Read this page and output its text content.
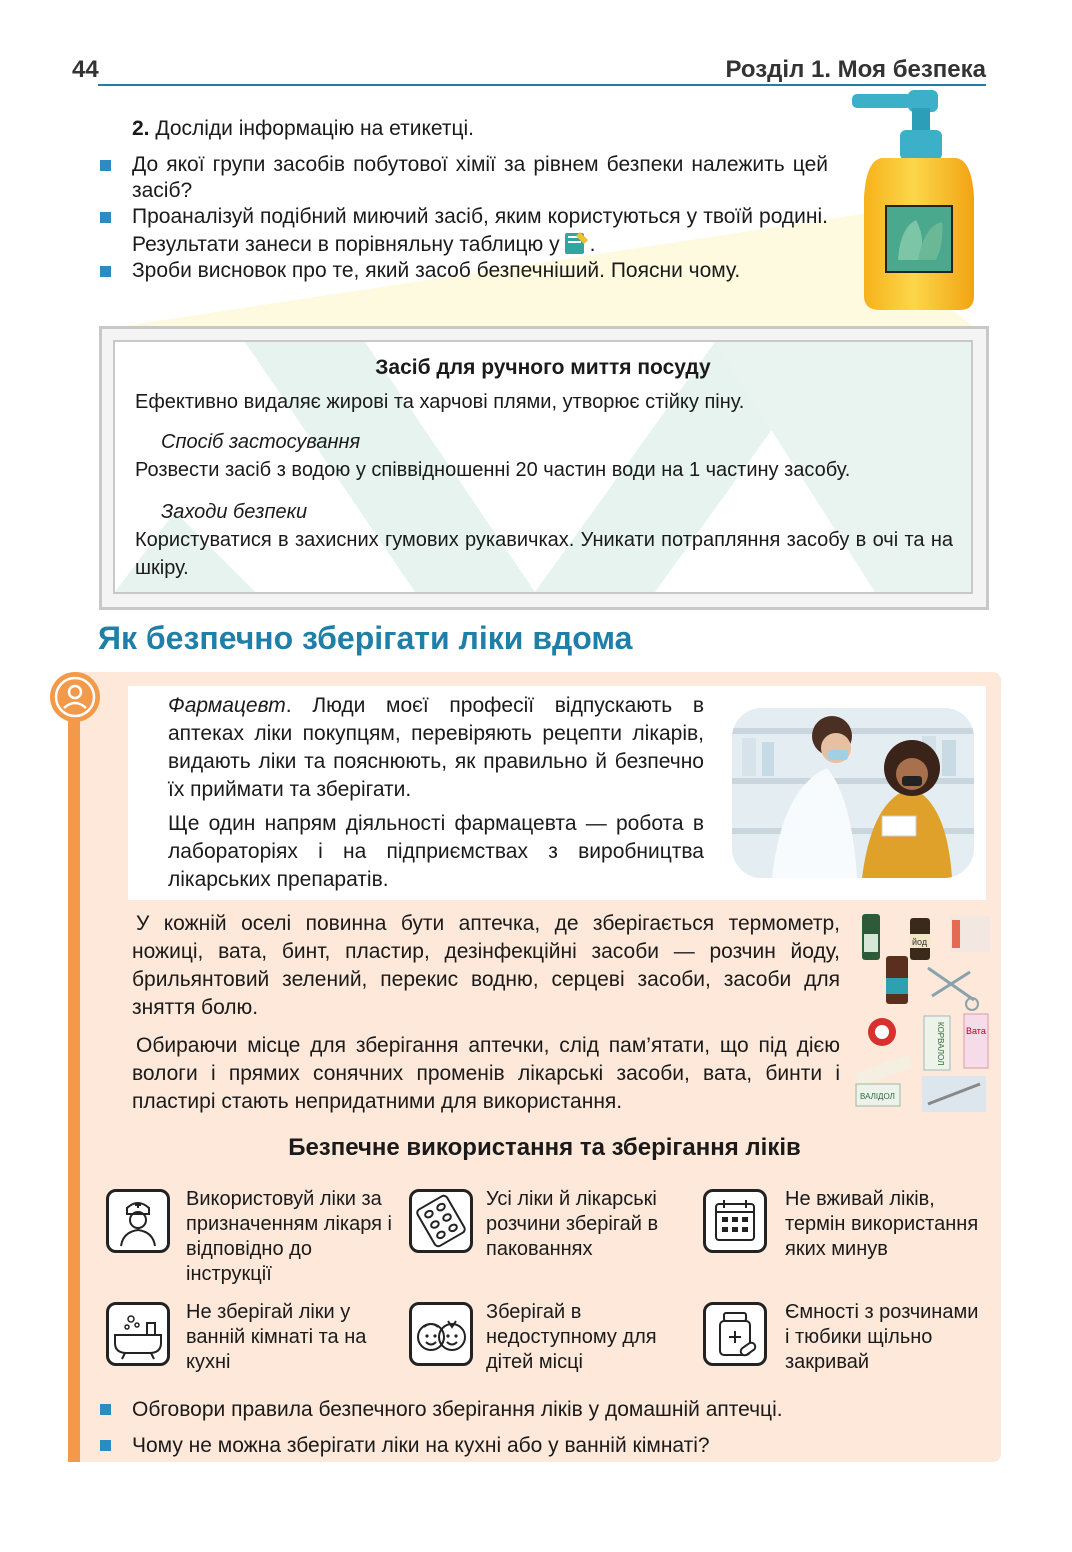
44	Розділ 1. Моя безпека
2. Досліди інформацію на етикетці.
До якої групи засобів побутової хімії за рівнем безпеки належить цей засіб?
Проаналізуй подібний миючий засіб, яким користуються у твоїй родині. Результати занеси в порівняльну таблицю у .
Зроби висновок про те, який засоб безпечніший. Поясни чому.
Засіб для ручного миття посуду
Ефективно видаляє жирові та харчові плями, утворює стійку піну.
Спосіб застосування
Розвести засіб з водою у співвідношенні 20 частин води на 1 частину засобу.
Заходи безпеки
Користуватися в захисних гумових рукавичках. Уникати потрапляння засобу в очі та на шкіру.
Як безпечно зберігати ліки вдома

Фармацевт. Люди моєї професії відпускають в аптеках ліки покупцям, перевіряють рецепти лікарів, видають ліки та пояснюють, як правильно й безпечно їх приймати та зберігати.

Ще один напрям діяльності фармацевта — робота в лабораторіях і на підприємствах з виробництва лікарських препаратів.

У кожній оселі повинна бути аптечка, де зберігається термометр, ножиці, вата, бинт, пластир, дезінфекційні засоби — розчин йоду, брильянтовий зелений, перекис водню, серцеві засоби, засоби для зняття болю.

Обираючи місце для зберігання аптечки, слід пам’ятати, що під дією вологи і прямих сонячних променів лікарські засоби, вата, бинти і пластирі стають непридатними для використання.

йод
КОРВАЛОЛ Вата
ВАЛІДОЛ
Безпечне використання та зберігання ліків
Використовуй ліки за призначенням лікаря і відповідно до інструкції
Усі ліки й лікарські розчини зберігай в пакованнях
Не вживай ліків, термін використання яких минув
Не зберігай ліки у ванній кімнаті та на кухні
Зберігай в недоступному для дітей місці
Ємності з розчинами і тюбики щільно закривай
Обговори правила безпечного зберігання ліків у домашній аптечці.
Чому не можна зберігати ліки на кухні або у ванній кімнаті?
